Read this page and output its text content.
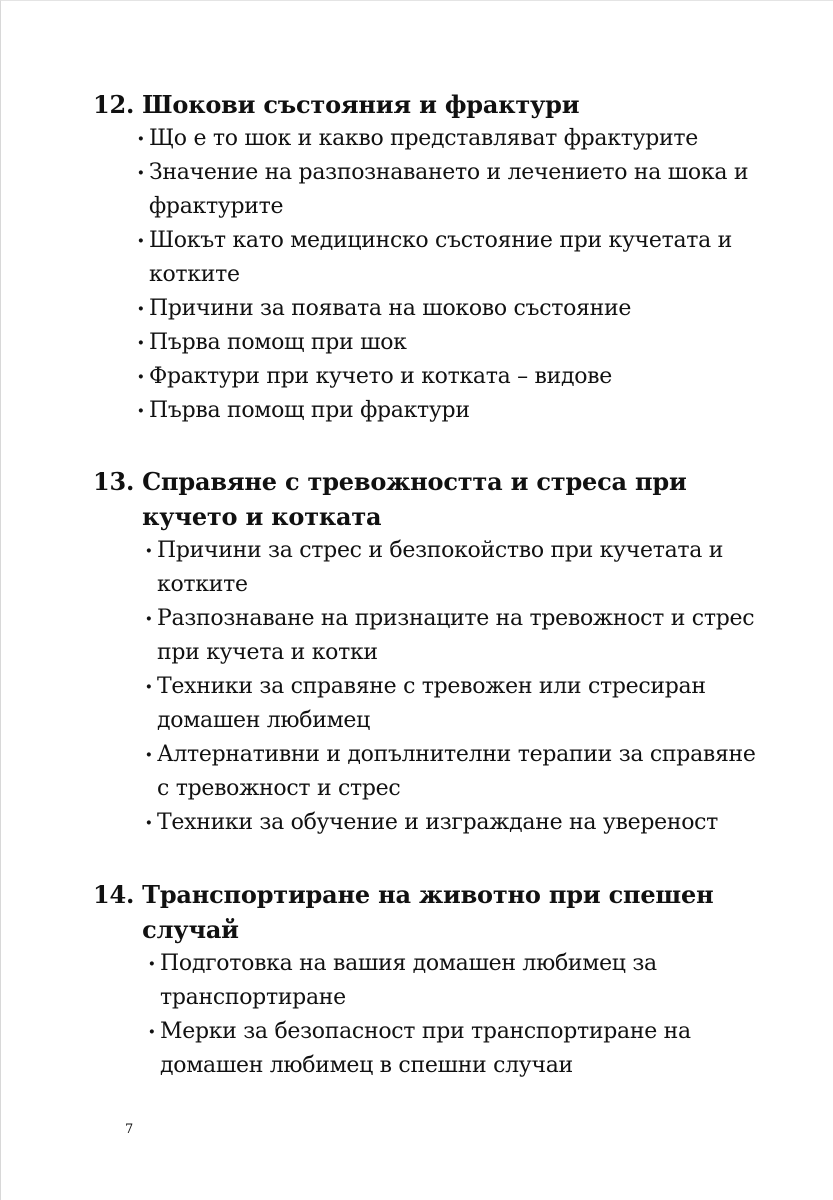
12. Шокови състояния и фрактури
· Що е то шок и какво представляват фрактурите
· Значение на разпознаването и лечението на шока и фрактурите
· Шокът като медицинско състояние при кучетата и котките
· Причини за появата на шоково състояние
· Първа помощ при шок
· Фрактури при кучето и котката – видове
· Първа помощ при фрактури
13. Справяне с тревожността и стреса при кучето и котката
· Причини за стрес и безпокойство при кучетата и котките
· Разпознаване на признаците на тревожност и стрес при кучета и котки
· Техники за справяне с тревожен или стресиран домашен любимец
· Алтернативни и допълнителни терапии за справяне с тревожност и стрес
· Техники за обучение и изграждане на увереност
14. Транспортиране на животно при спешен случай
· Подготовка на вашия домашен любимец за транспортиране
· Мерки за безопасност при транспортиране на домашен любимец в спешни случаи
7
